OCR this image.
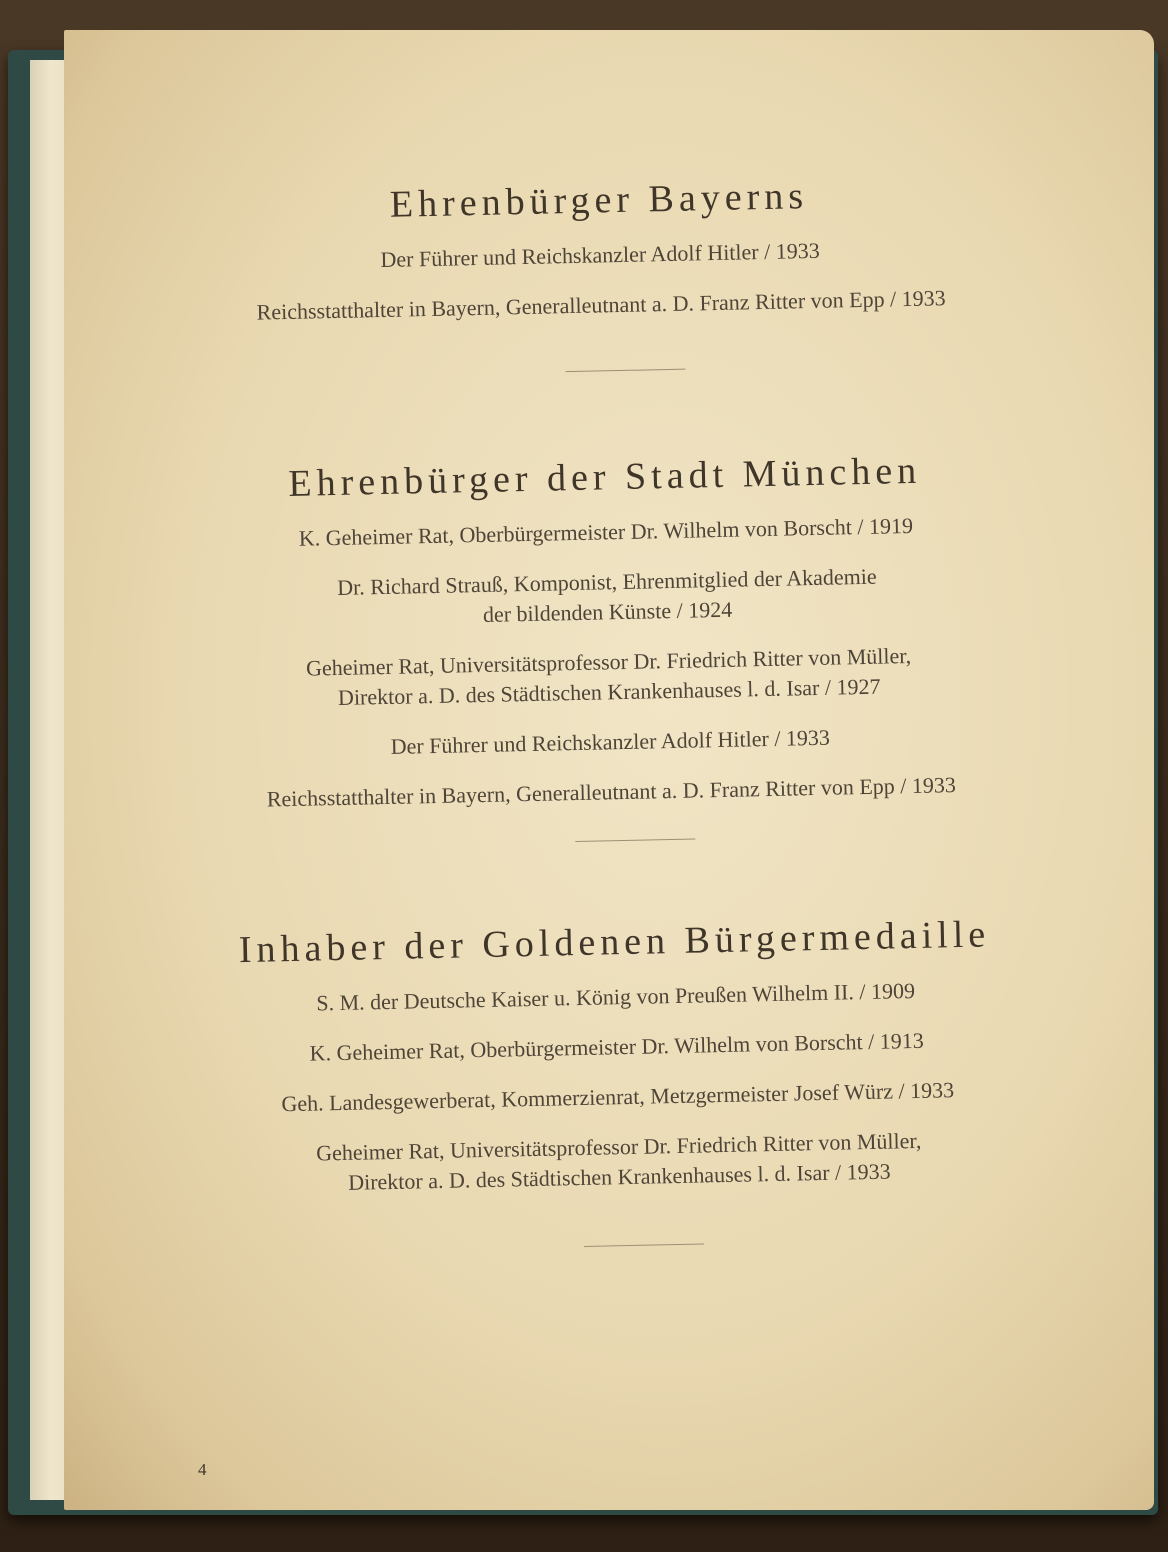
Ehrenbürger Bayerns
Der Führer und Reichskanzler Adolf Hitler / 1933
Reichsstatthalter in Bayern, Generalleutnant a. D. Franz Ritter von Epp / 1933
Ehrenbürger der Stadt München
K. Geheimer Rat, Oberbürgermeister Dr. Wilhelm von Borscht / 1919
Dr. Richard Strauß, Komponist, Ehrenmitglied der Akademie
der bildenden Künste / 1924
Geheimer Rat, Universitätsprofessor Dr. Friedrich Ritter von Müller,
Direktor a. D. des Städtischen Krankenhauses l. d. Isar / 1927
Der Führer und Reichskanzler Adolf Hitler / 1933
Reichsstatthalter in Bayern, Generalleutnant a. D. Franz Ritter von Epp / 1933
Inhaber der Goldenen Bürgermedaille
S. M. der Deutsche Kaiser u. König von Preußen Wilhelm II. / 1909
K. Geheimer Rat, Oberbürgermeister Dr. Wilhelm von Borscht / 1913
Geh. Landesgewerberat, Kommerzienrat, Metzgermeister Josef Würz / 1933
Geheimer Rat, Universitätsprofessor Dr. Friedrich Ritter von Müller,
Direktor a. D. des Städtischen Krankenhauses l. d. Isar / 1933
4
